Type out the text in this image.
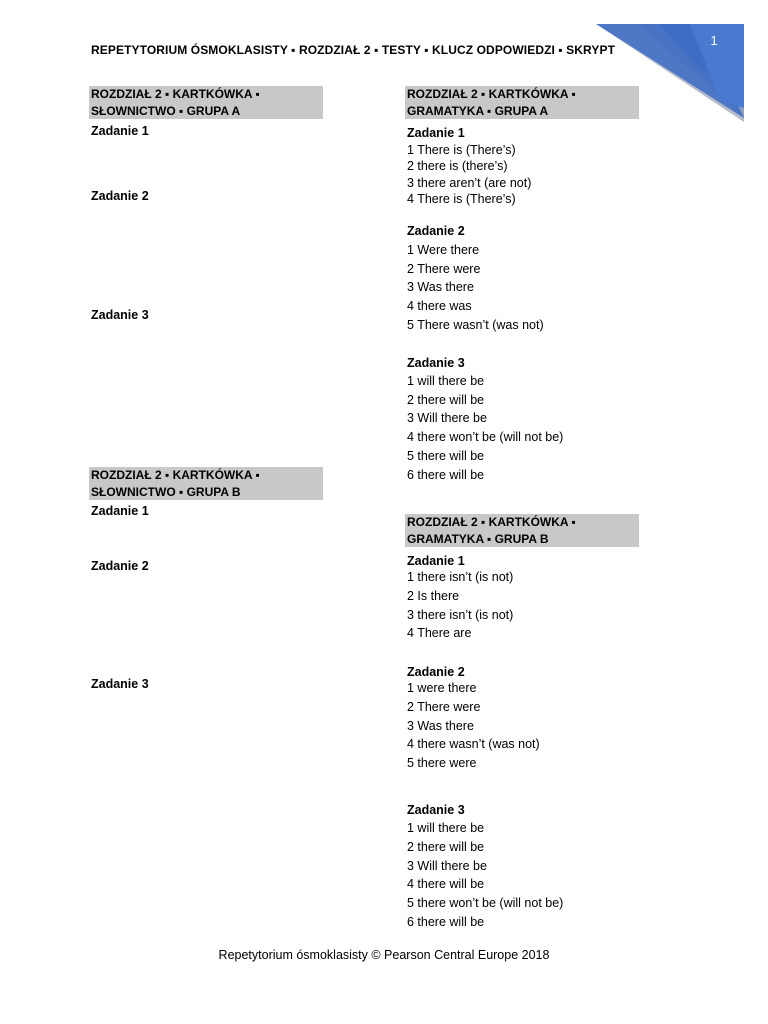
1
REPETYTORIUM ÓSMOKLASISTY ▪ ROZDZIAŁ 2 ▪ TESTY ▪ KLUCZ ODPOWIEDZI ▪ SKRYPT
ROZDZIAŁ 2 ▪ KARTKÓWKA ▪
SŁOWNICTWO ▪ GRUPA A
Zadanie 1
Zadanie 2
Zadanie 3
ROZDZIAŁ 2 ▪ KARTKÓWKA ▪
SŁOWNICTWO ▪ GRUPA B
Zadanie 1
Zadanie 2
Zadanie 3
ROZDZIAŁ 2 ▪ KARTKÓWKA ▪
GRAMATYKA ▪ GRUPA A
Zadanie 1
1 There is (There’s)
2 there is (there’s)
3 there aren’t (are not)
4 There is (There’s)
Zadanie 2
1 Were there
2 There were
3 Was there
4 there was
5 There wasn’t (was not)
Zadanie 3
1 will there be
2 there will be
3 Will there be
4 there won’t be (will not be)
5 there will be
6 there will be
ROZDZIAŁ 2 ▪ KARTKÓWKA ▪
GRAMATYKA ▪ GRUPA B
Zadanie 1
1 there isn’t (is not)
2 Is there
3 there isn’t (is not)
4 There are
Zadanie 2
1 were there
2 There were
3 Was there
4 there wasn’t (was not)
5 there were
Zadanie 3
1 will there be
2 there will be
3 Will there be
4 there will be
5 there won’t be (will not be)
6 there will be
Repetytorium ósmoklasisty © Pearson Central Europe 2018
